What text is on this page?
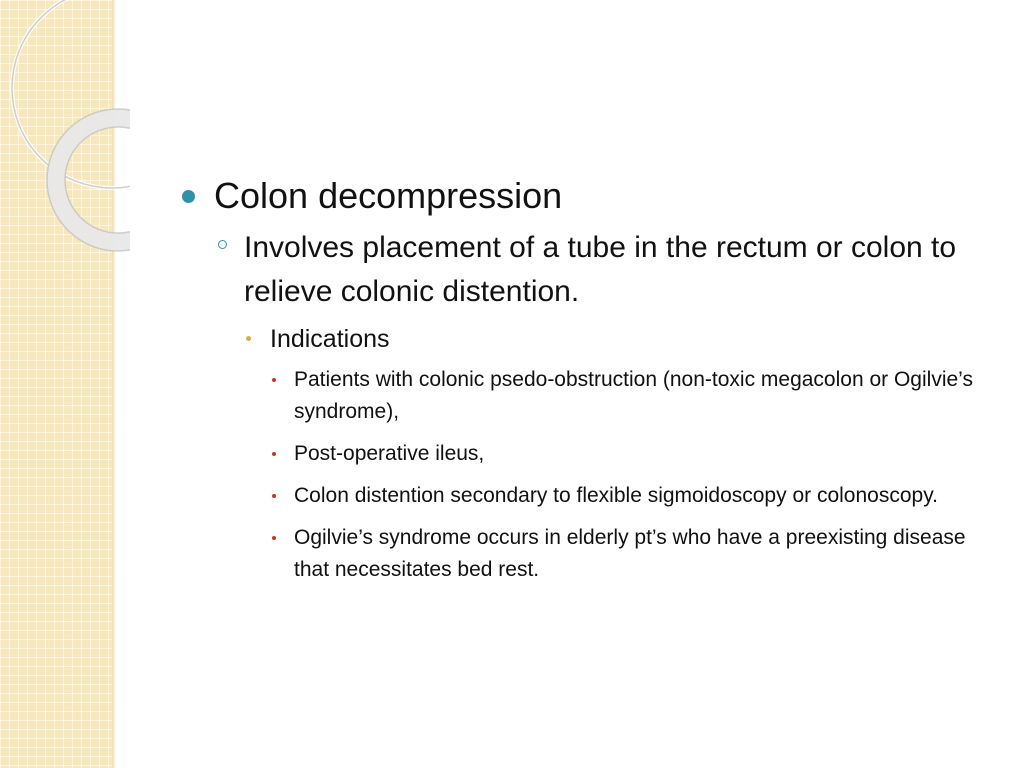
Colon decompression
Involves placement of a tube in the rectum or colon to relieve colonic distention.
Indications
Patients with colonic psedo-obstruction (non-toxic megacolon or Ogilvie’s syndrome),
Post-operative ileus,
Colon distention secondary to flexible sigmoidoscopy or colonoscopy.
Ogilvie’s syndrome occurs in elderly pt’s who have a preexisting disease that necessitates bed rest.
